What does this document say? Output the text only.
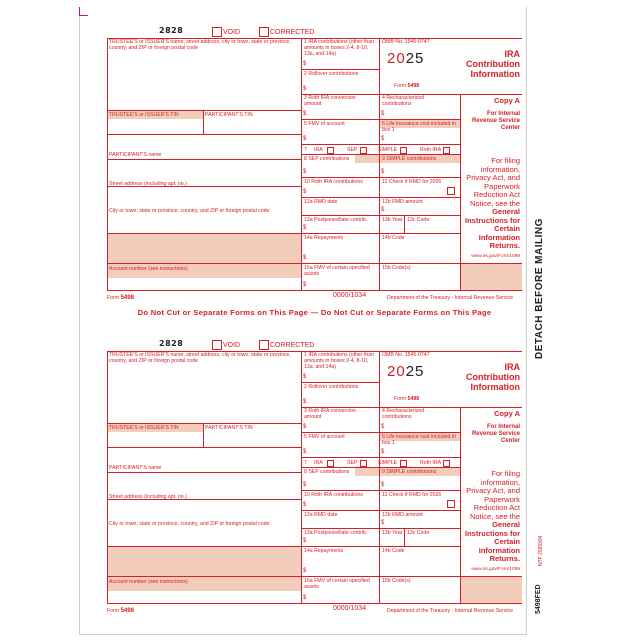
2828	VOID	CORRECTED
TRUSTEE'S or ISSUER'S name, street address, city or town, state or province, country, and ZIP or foreign postal code
TRUSTEE'S or ISSUER'S TIN	PARTICIPANT'S TIN
PARTICIPANT'S name
Street address (including apt. no.)
City or town, state or province, country, and ZIP or foreign postal code
Account number (see instructions)
1 IRA contributions (other than amounts in boxes 2-4, 8-10, 13a, and 14a)
$
2 Rollover contributions
$
3 Roth IRA conversion amount
$
5 FMV of account
$
7 IRA	SEP	SIMPLE	Roth IRA
8 SEP contributions
$
10 Roth IRA contributions
$
12a RMD date
13a Postponed/late contrib.
$
14a Repayments
$
15a FMV of certain specified assets
$
OMB No. 1545-0747
2025
Form 5498
4 Recharacterized contributions
$
6 Life insurance cost included in box 1
$
9 SIMPLE contributions
$
11 Check if RMD for 2026
12b RMD amount
$
13b Year 13c Code
14b Code
15b Code(s)
IRA Contribution Information
Copy A
For Internal Revenue Service Center
For filing information, Privacy Act, and Paperwork Reduction Act Notice, see the General Instructions for Certain Information Returns.
www.irs.gov/Form1099
Form 5498	0000/1034	Department of the Treasury - Internal Revenue Service
Do Not Cut or Separate Forms on This Page — Do Not Cut or Separate Forms on This Page
2828	VOID	CORRECTED
TRUSTEE'S or ISSUER'S name, street address, city or town, state or province, country, and ZIP or foreign postal code
TRUSTEE'S or ISSUER'S TIN	PARTICIPANT'S TIN
PARTICIPANT'S name
Street address (including apt. no.)
City or town, state or province, country, and ZIP or foreign postal code
Account number (see instructions)
1 IRA contributions (other than amounts in boxes 2-4, 8-10, 13a, and 14a)
$
2 Rollover contributions
$
3 Roth IRA conversion amount
$
5 FMV of account
$
7 IRA	SEP	SIMPLE	Roth IRA
8 SEP contributions
$
10 Roth IRA contributions
$
12a RMD date
13a Postponed/late contrib.
$
14a Repayments
$
15a FMV of certain specified assets
$
OMB No. 1545-0747
2025
Form 5498
4 Recharacterized contributions
$
6 Life insurance cost included in box 1
$
9 SIMPLE contributions
$
11 Check if RMD for 2026
12b RMD amount
$
13b Year 13c Code
14b Code
15b Code(s)
IRA Contribution Information
Copy A
For Internal Revenue Service Center
For filing information, Privacy Act, and Paperwork Reduction Act Notice, see the General Instructions for Certain Information Returns.
www.irs.gov/Form1099
Form 5498	0000/1034	Department of the Treasury - Internal Revenue Service
DETACH BEFORE MAILING
5498FED
NTF 2585994
